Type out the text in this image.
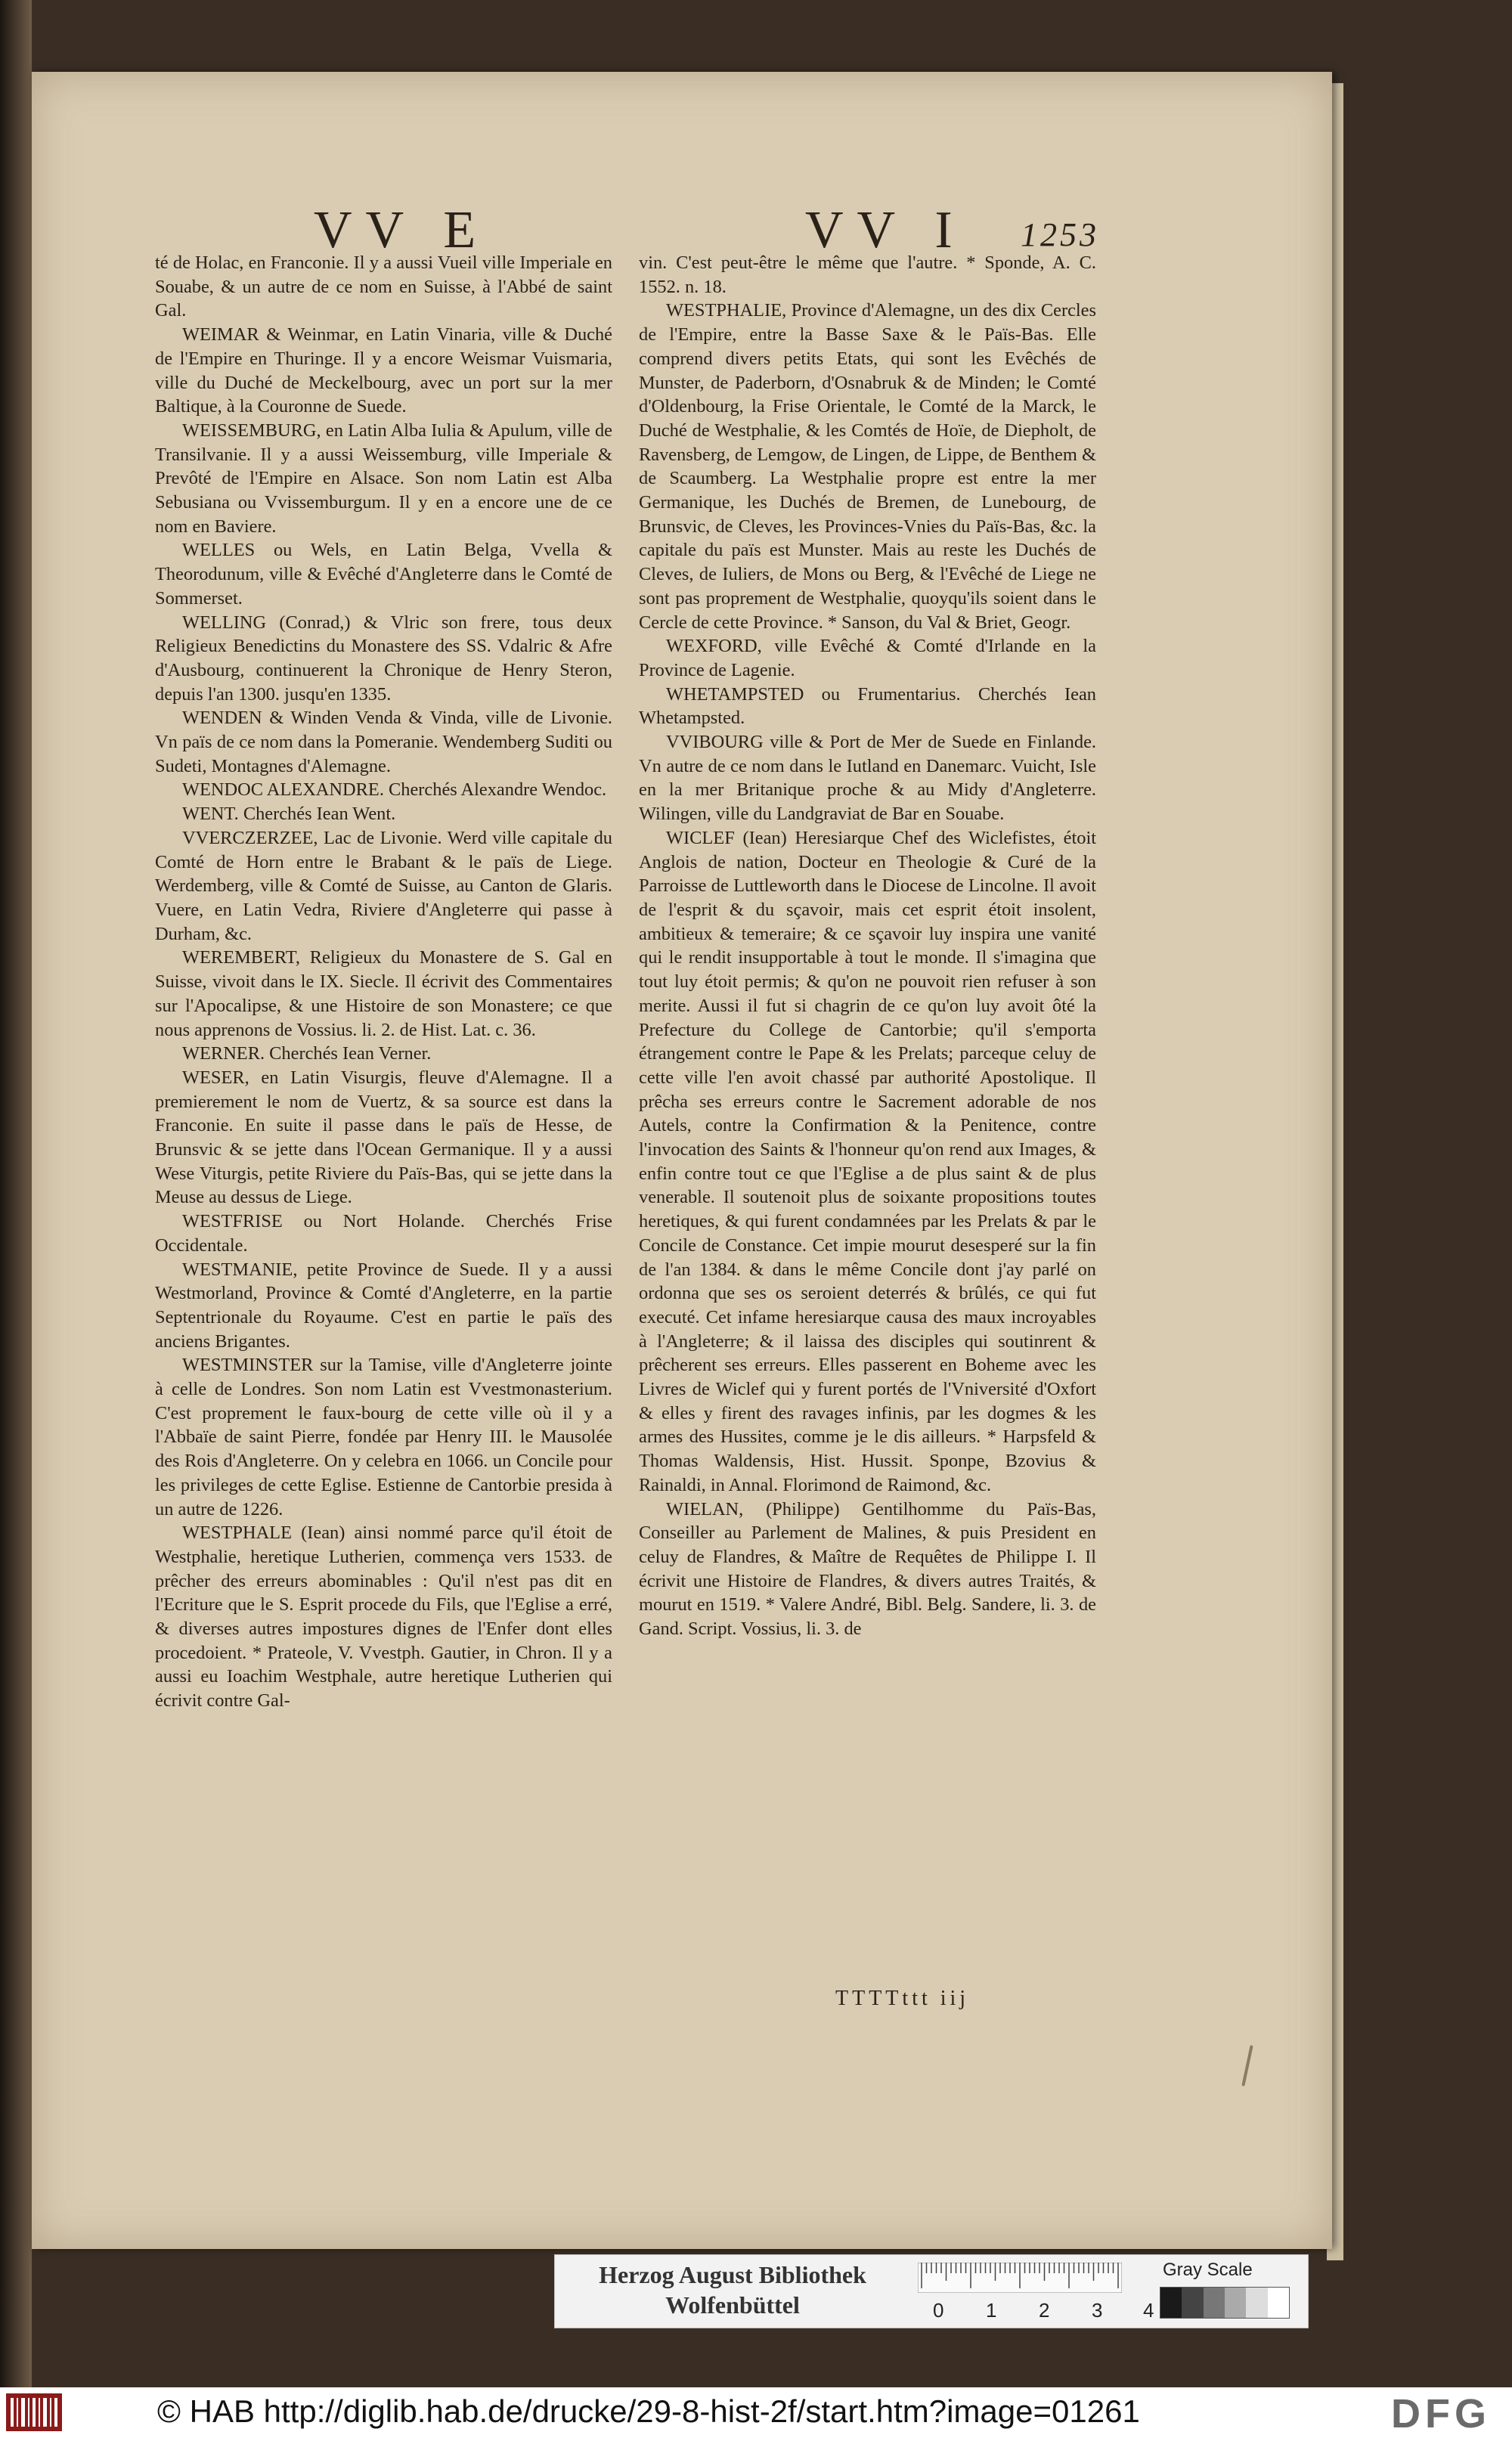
VV E	VV I 1253

té de Holac, en Franconie. Il y a aussi Vueil ville Imperiale en Souabe, & un autre de ce nom en Suisse, à l'Abbé de saint Gal.

WEIMAR & Weinmar, en Latin Vinaria, ville & Duché de l'Empire en Thuringe. Il y a encore Weismar Vuismaria, ville du Duché de Meckelbourg, avec un port sur la mer Baltique, à la Couronne de Suede.

WEISSEMBURG, en Latin Alba Iulia & Apulum, ville de Transilvanie. Il y a aussi Weissemburg, ville Imperiale & Prevôté de l'Empire en Alsace. Son nom Latin est Alba Sebusiana ou Vvissemburgum. Il y en a encore une de ce nom en Baviere.

WELLES ou Wels, en Latin Belga, Vvella & Theorodunum, ville & Evêché d'Angleterre dans le Comté de Sommerset.

WELLING (Conrad,) & Vlric son frere, tous deux Religieux Benedictins du Monastere des SS. Vdalric & Afre d'Ausbourg, continuerent la Chronique de Henry Steron, depuis l'an 1300. jusqu'en 1335.

WENDEN & Winden Venda & Vinda, ville de Livonie. Vn païs de ce nom dans la Pomeranie. Wendemberg Suditi ou Sudeti, Montagnes d'Alemagne.

WENDOC ALEXANDRE. Cherchés Alexandre Wendoc.

WENT. Cherchés Iean Went.

VVERCZERZEE, Lac de Livonie. Werd ville capitale du Comté de Horn entre le Brabant & le païs de Liege. Werdemberg, ville & Comté de Suisse, au Canton de Glaris. Vuere, en Latin Vedra, Riviere d'Angleterre qui passe à Durham, &c.

WEREMBERT, Religieux du Monastere de S. Gal en Suisse, vivoit dans le IX. Siecle. Il écrivit des Commentaires sur l'Apocalipse, & une Histoire de son Monastere; ce que nous apprenons de Vossius. li. 2. de Hist. Lat. c. 36.

WERNER. Cherchés Iean Verner.

WESER, en Latin Visurgis, fleuve d'Alemagne. Il a premierement le nom de Vuertz, & sa source est dans la Franconie. En suite il passe dans le païs de Hesse, de Brunsvic & se jette dans l'Ocean Germanique. Il y a aussi Wese Viturgis, petite Riviere du Païs-Bas, qui se jette dans la Meuse au dessus de Liege.

WESTFRISE ou Nort Holande. Cherchés Frise Occidentale.

WESTMANIE, petite Province de Suede. Il y a aussi Westmorland, Province & Comté d'Angleterre, en la partie Septentrionale du Royaume. C'est en partie le païs des anciens Brigantes.

WESTMINSTER sur la Tamise, ville d'Angleterre jointe à celle de Londres. Son nom Latin est Vvestmonasterium. C'est proprement le faux-bourg de cette ville où il y a l'Abbaïe de saint Pierre, fondée par Henry III. le Mausolée des Rois d'Angleterre. On y celebra en 1066. un Concile pour les privileges de cette Eglise. Estienne de Cantorbie presida à un autre de 1226.

WESTPHALE (Iean) ainsi nommé parce qu'il étoit de Westphalie, heretique Lutherien, commença vers 1533. de prêcher des erreurs abominables : Qu'il n'est pas dit en l'Ecriture que le S. Esprit procede du Fils, que l'Eglise a erré, & diverses autres impostures dignes de l'Enfer dont elles procedoient. * Prateole, V. Vvestph. Gautier, in Chron. Il y a aussi eu Ioachim Westphale, autre heretique Lutherien qui écrivit contre Gal-

vin. C'est peut-être le même que l'autre. * Sponde, A. C. 1552. n. 18.

WESTPHALIE, Province d'Alemagne, un des dix Cercles de l'Empire, entre la Basse Saxe & le Païs-Bas. Elle comprend divers petits Etats, qui sont les Evêchés de Munster, de Paderborn, d'Osnabruk & de Minden; le Comté d'Oldenbourg, la Frise Orientale, le Comté de la Marck, le Duché de Westphalie, & les Comtés de Hoïe, de Diepholt, de Ravensberg, de Lemgow, de Lingen, de Lippe, de Benthem & de Scaumberg. La Westphalie propre est entre la mer Germanique, les Duchés de Bremen, de Lunebourg, de Brunsvic, de Cleves, les Provinces-Vnies du Païs-Bas, &c. la capitale du païs est Munster. Mais au reste les Duchés de Cleves, de Iuliers, de Mons ou Berg, & l'Evêché de Liege ne sont pas proprement de Westphalie, quoyqu'ils soient dans le Cercle de cette Province. * Sanson, du Val & Briet, Geogr.

WEXFORD, ville Evêché & Comté d'Irlande en la Province de Lagenie.

WHETAMPSTED ou Frumentarius. Cherchés Iean Whetampsted.

VVIBOURG ville & Port de Mer de Suede en Finlande. Vn autre de ce nom dans le Iutland en Danemarc. Vuicht, Isle en la mer Britanique proche & au Midy d'Angleterre. Wilingen, ville du Landgraviat de Bar en Souabe.

WICLEF (Iean) Heresiarque Chef des Wiclefistes, étoit Anglois de nation, Docteur en Theologie & Curé de la Parroisse de Luttleworth dans le Diocese de Lincolne. Il avoit de l'esprit & du sçavoir, mais cet esprit étoit insolent, ambitieux & temeraire; & ce sçavoir luy inspira une vanité qui le rendit insupportable à tout le monde. Il s'imagina que tout luy étoit permis; & qu'on ne pouvoit rien refuser à son merite. Aussi il fut si chagrin de ce qu'on luy avoit ôté la Prefecture du College de Cantorbie; qu'il s'emporta étrangement contre le Pape & les Prelats; parceque celuy de cette ville l'en avoit chassé par authorité Apostolique. Il prêcha ses erreurs contre le Sacrement adorable de nos Autels, contre la Confirmation & la Penitence, contre l'invocation des Saints & l'honneur qu'on rend aux Images, & enfin contre tout ce que l'Eglise a de plus saint & de plus venerable. Il soutenoit plus de soixante propositions toutes heretiques, & qui furent condamnées par les Prelats & par le Concile de Constance. Cet impie mourut desesperé sur la fin de l'an 1384. & dans le même Concile dont j'ay parlé on ordonna que ses os seroient deterrés & brûlés, ce qui fut executé. Cet infame heresiarque causa des maux incroyables à l'Angleterre; & il laissa des disciples qui soutinrent & prêcherent ses erreurs. Elles passerent en Boheme avec les Livres de Wiclef qui y furent portés de l'Vniversité d'Oxfort & elles y firent des ravages infinis, par les dogmes & les armes des Hussites, comme je le dis ailleurs. * Harpsfeld & Thomas Waldensis, Hist. Hussit. Sponpe, Bzovius & Rainaldi, in Annal. Florimond de Raimond, &c.

WIELAN, (Philippe) Gentilhomme du Païs-Bas, Conseiller au Parlement de Malines, & puis President en celuy de Flandres, & Maître de Requêtes de Philippe I. Il écrivit une Histoire de Flandres, & divers autres Traités, & mourut en 1519. * Valere André, Bibl. Belg. Sandere, li. 3. de Gand. Script. Vossius, li. 3. de

TTTTttt iij
Herzog August Bibliothek
Wolfenbüttel	0 1 2 3 4
Gray Scale
© HAB http://diglib.hab.de/drucke/29-8-hist-2f/start.htm?image=01261	DFG
